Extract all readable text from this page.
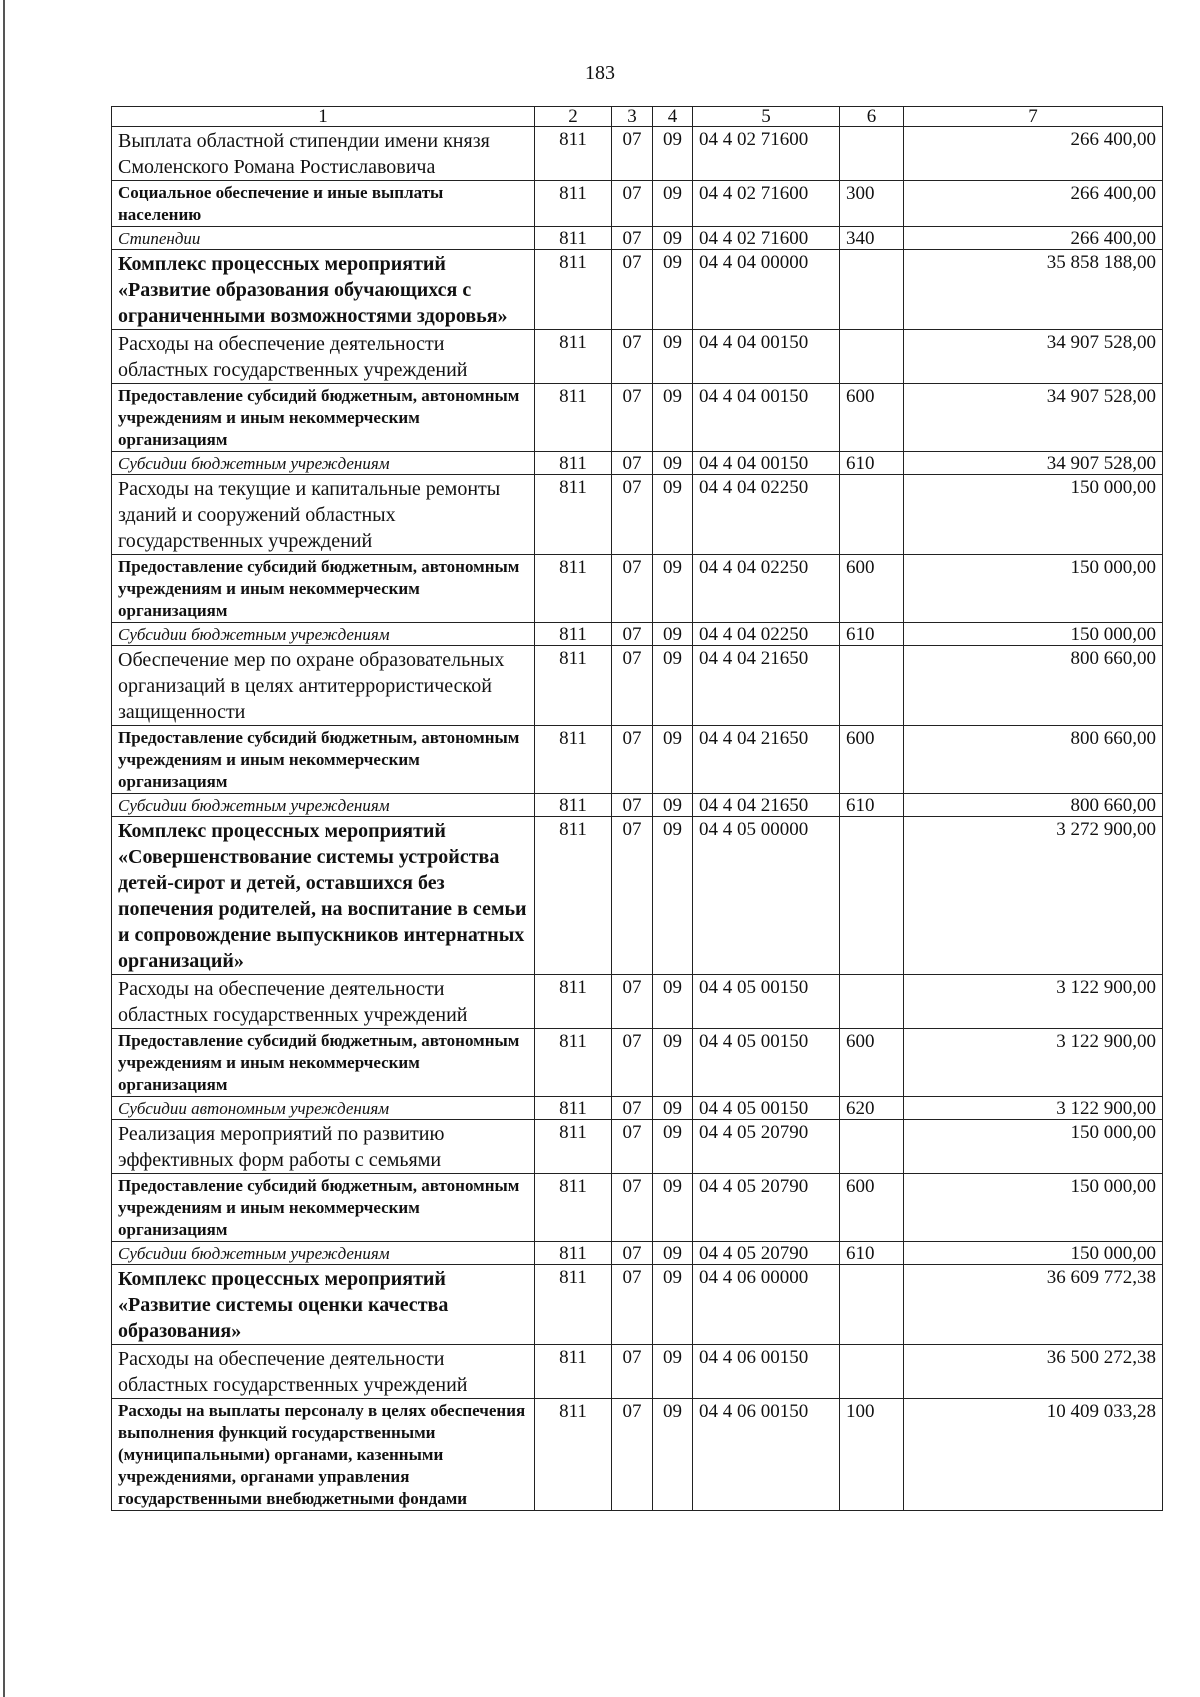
183
1	2	3	4	5	6	7
Выплата областной стипендии имени князя Смоленского Романа Ростиславовича	811	07	09	04 4 02 71600		266 400,00
Социальное обеспечение и иные выплаты населению	811	07	09	04 4 02 71600	300	266 400,00
Стипендии	811	07	09	04 4 02 71600	340	266 400,00
Комплекс процессных мероприятий «Развитие образования обучающихся с ограниченными возможностями здоровья»	811	07	09	04 4 04 00000		35 858 188,00
Расходы на обеспечение деятельности областных государственных учреждений	811	07	09	04 4 04 00150		34 907 528,00
Предоставление субсидий бюджетным, автономным учреждениям и иным некоммерческим организациям	811	07	09	04 4 04 00150	600	34 907 528,00
Субсидии бюджетным учреждениям	811	07	09	04 4 04 00150	610	34 907 528,00
Расходы на текущие и капитальные ремонты зданий и сооружений областных государственных учреждений	811	07	09	04 4 04 02250		150 000,00
Предоставление субсидий бюджетным, автономным учреждениям и иным некоммерческим организациям	811	07	09	04 4 04 02250	600	150 000,00
Субсидии бюджетным учреждениям	811	07	09	04 4 04 02250	610	150 000,00
Обеспечение мер по охране образовательных организаций в целях антитеррористической защищенности	811	07	09	04 4 04 21650		800 660,00
Предоставление субсидий бюджетным, автономным учреждениям и иным некоммерческим организациям	811	07	09	04 4 04 21650	600	800 660,00
Субсидии бюджетным учреждениям	811	07	09	04 4 04 21650	610	800 660,00
Комплекс процессных мероприятий «Совершенствование системы устройства детей-сирот и детей, оставшихся без попечения родителей, на воспитание в семьи и сопровождение выпускников интернатных организаций»	811	07	09	04 4 05 00000		3 272 900,00
Расходы на обеспечение деятельности областных государственных учреждений	811	07	09	04 4 05 00150		3 122 900,00
Предоставление субсидий бюджетным, автономным учреждениям и иным некоммерческим организациям	811	07	09	04 4 05 00150	600	3 122 900,00
Субсидии автономным учреждениям	811	07	09	04 4 05 00150	620	3 122 900,00
Реализация мероприятий по развитию эффективных форм работы с семьями	811	07	09	04 4 05 20790		150 000,00
Предоставление субсидий бюджетным, автономным учреждениям и иным некоммерческим организациям	811	07	09	04 4 05 20790	600	150 000,00
Субсидии бюджетным учреждениям	811	07	09	04 4 05 20790	610	150 000,00
Комплекс процессных мероприятий «Развитие системы оценки качества образования»	811	07	09	04 4 06 00000		36 609 772,38
Расходы на обеспечение деятельности областных государственных учреждений	811	07	09	04 4 06 00150		36 500 272,38
Расходы на выплаты персоналу в целях обеспечения выполнения функций государственными (муниципальными) органами, казенными учреждениями, органами управления государственными внебюджетными фондами	811	07	09	04 4 06 00150	100	10 409 033,28
